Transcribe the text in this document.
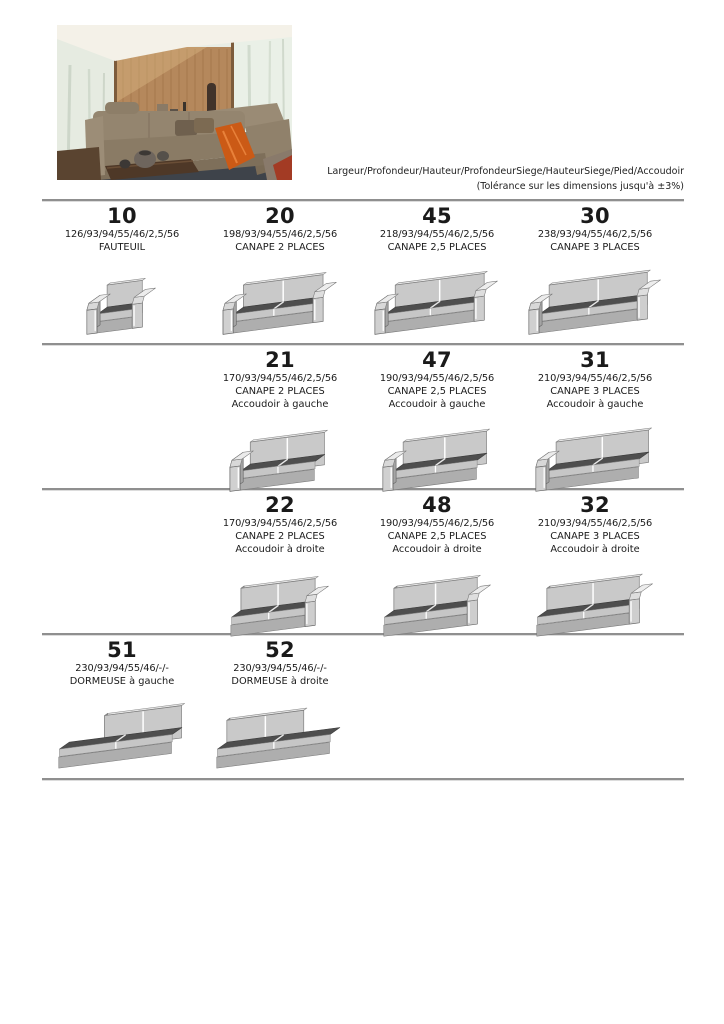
Largeur/Profondeur/Hauteur/ProfondeurSiege/HauteurSiege/Pied/Accoudoir
(Tolérance sur les dimensions jusqu'à ±3%)
10
126/93/94/55/46/2,5/56
FAUTEUIL
20
198/93/94/55/46/2,5/56
CANAPE 2 PLACES
45
218/93/94/55/46/2,5/56
CANAPE 2,5 PLACES
30
238/93/94/55/46/2,5/56
CANAPE 3 PLACES
21
170/93/94/55/46/2,5/56
CANAPE 2 PLACES
Accoudoir à gauche
47
190/93/94/55/46/2,5/56
CANAPE 2,5 PLACES
Accoudoir à gauche
31
210/93/94/55/46/2,5/56
CANAPE 3 PLACES
Accoudoir à gauche
22
170/93/94/55/46/2,5/56
CANAPE 2 PLACES
Accoudoir à droite
48
190/93/94/55/46/2,5/56
CANAPE 2,5 PLACES
Accoudoir à droite
32
210/93/94/55/46/2,5/56
CANAPE 3 PLACES
Accoudoir à droite
51
230/93/94/55/46/-/-
DORMEUSE à gauche
52
230/93/94/55/46/-/-
DORMEUSE à droite
